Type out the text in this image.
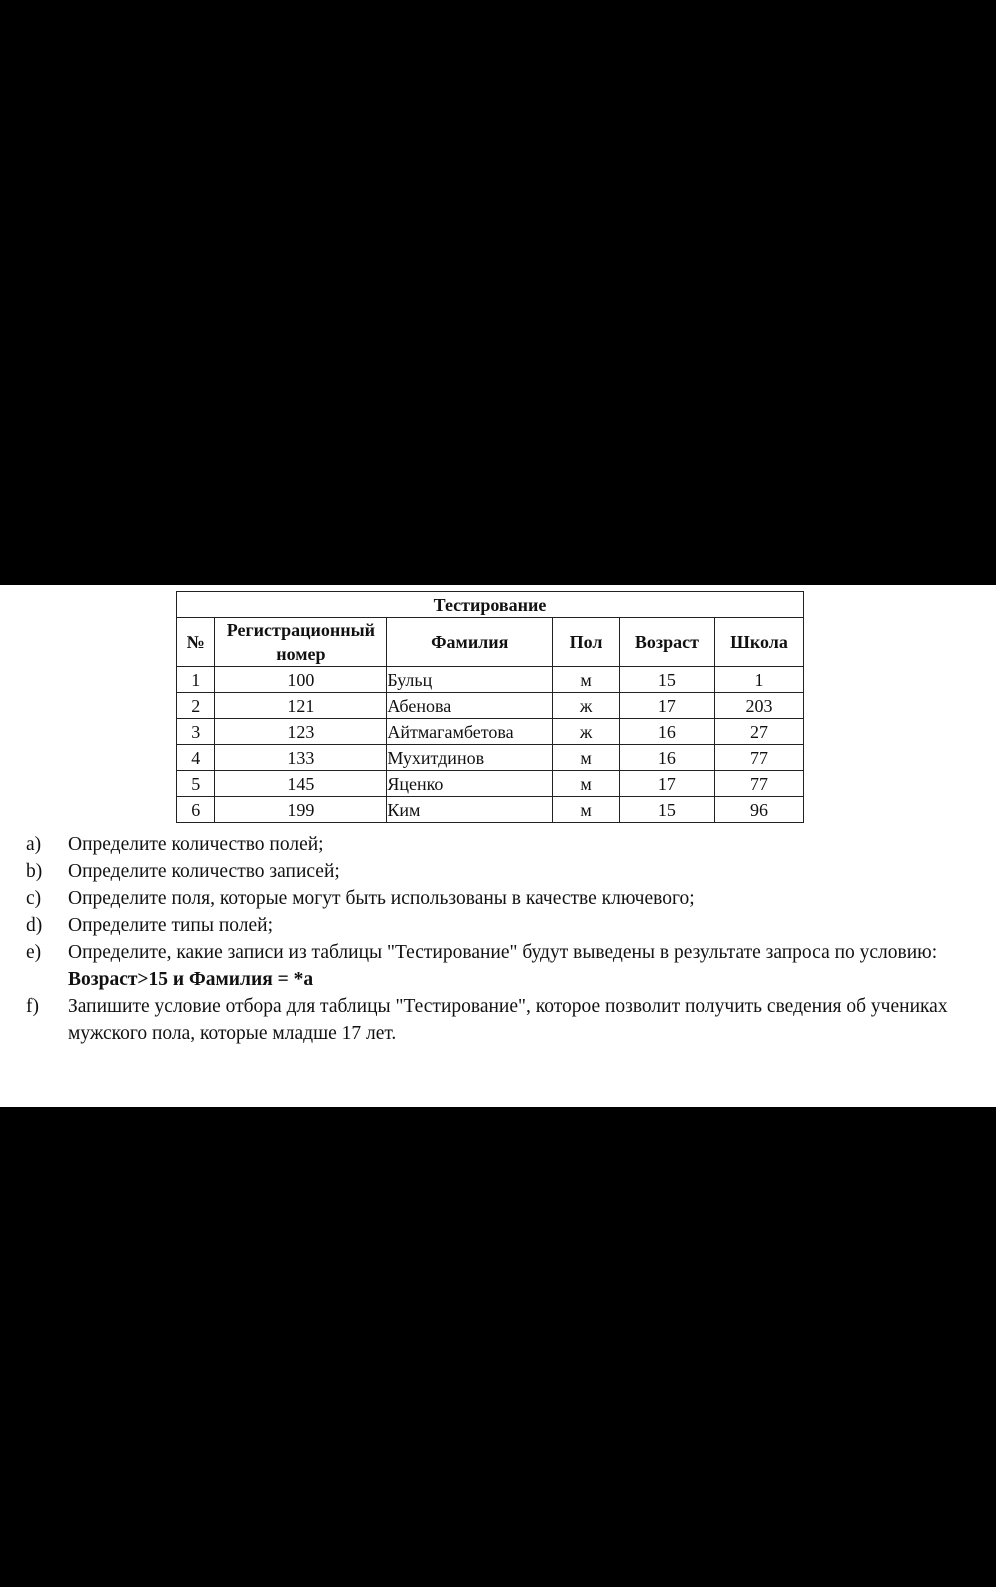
Тестирование					
№	Регистрационный номер	Фамилия	Пол	Возраст	Школа
1	100	Бульц	м	15	1
2	121	Абенова	ж	17	203
3	123	Айтмагамбетова	ж	16	27
4	133	Мухитдинов	м	16	77
5	145	Яценко	м	17	77
6	199	Ким	м	15	96
a)	Определите количество полей;
b)	Определите количество записей;
c)	Определите поля, которые могут быть использованы в качестве ключевого;
d)	Определите типы полей;
e)	Определите, какие записи из таблицы "Тестирование" будут выведены в результате запроса по условию: Возраст>15 и Фамилия = *а
f)	Запишите условие отбора для таблицы "Тестирование", которое позволит получить сведения об учениках мужского пола, которые младше 17 лет.
